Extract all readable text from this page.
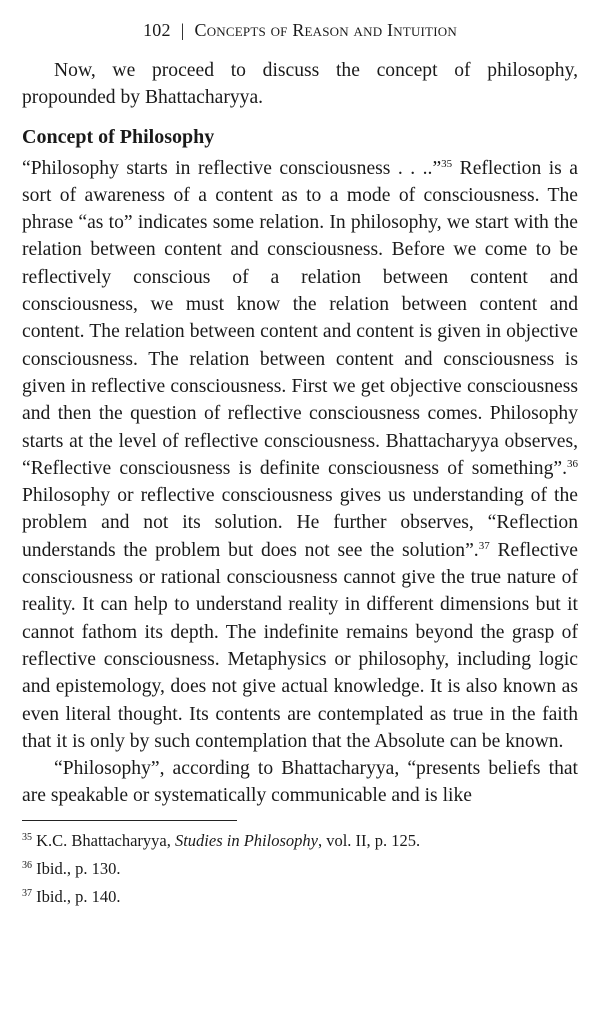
102 | Concepts of Reason and Intuition

Now, we proceed to discuss the concept of philosophy, propounded by Bhattacharyya.

Concept of Philosophy

“Philosophy starts in reflective consciousness . . ..”$^{35}$ Reflection is a sort of awareness of a content as to a mode of consciousness. The phrase “as to” indicates some relation. In philosophy, we start with the relation between content and consciousness. Before we come to be reflectively conscious of a relation between content and consciousness, we must know the relation between content and content. The relation between content and content is given in objective consciousness. The relation between content and consciousness is given in reflective consciousness. First we get objective consciousness and then the question of reflective consciousness comes. Philosophy starts at the level of reflective consciousness. Bhattacharyya observes, “Reflective consciousness is definite consciousness of something”.$^{36}$ Philosophy or reflective consciousness gives us understanding of the problem and not its solution. He further observes, “Reflection understands the problem but does not see the solution”.$^{37}$ Reflective consciousness or rational consciousness cannot give the true nature of reality. It can help to understand reality in different dimensions but it cannot fathom its depth. The indefinite remains beyond the grasp of reflective consciousness. Metaphysics or philosophy, including logic and epistemology, does not give actual knowledge. It is also known as even literal thought. Its contents are contemplated as true in the faith that it is only by such contemplation that the Absolute can be known.

“Philosophy”, according to Bhattacharyya, “presents beliefs that are speakable or systematically communicable and is like

$^{35}$ K.C. Bhattacharyya, Studies in Philosophy, vol. II, p. 125.
$^{36}$ Ibid., p. 130.
$^{37}$ Ibid., p. 140.
